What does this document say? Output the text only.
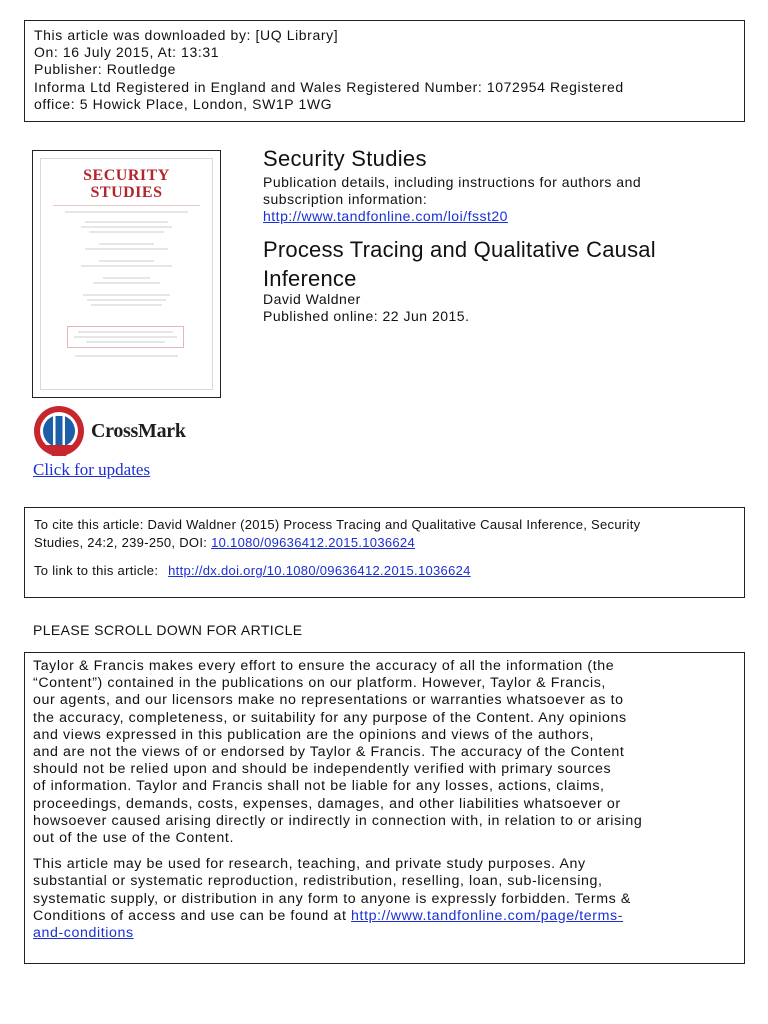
This article was downloaded by: [UQ Library]
On: 16 July 2015, At: 13:31
Publisher: Routledge
Informa Ltd Registered in England and Wales Registered Number: 1072954 Registered
office: 5 Howick Place, London, SW1P 1WG
SECURITY
STUDIES
Security Studies
Publication details, including instructions for authors and
subscription information:
http://www.tandfonline.com/loi/fsst20
Process Tracing and Qualitative Causal
Inference
David Waldner
Published online: 22 Jun 2015.
CrossMark
Click for updates
To cite this article: David Waldner (2015) Process Tracing and Qualitative Causal Inference, Security
Studies, 24:2, 239-250, DOI: 10.1080/09636412.2015.1036624
To link to this article: http://dx.doi.org/10.1080/09636412.2015.1036624
PLEASE SCROLL DOWN FOR ARTICLE

Taylor & Francis makes every effort to ensure the accuracy of all the information (the
“Content”) contained in the publications on our platform. However, Taylor & Francis,
our agents, and our licensors make no representations or warranties whatsoever as to
the accuracy, completeness, or suitability for any purpose of the Content. Any opinions
and views expressed in this publication are the opinions and views of the authors,
and are not the views of or endorsed by Taylor & Francis. The accuracy of the Content
should not be relied upon and should be independently verified with primary sources
of information. Taylor and Francis shall not be liable for any losses, actions, claims,
proceedings, demands, costs, expenses, damages, and other liabilities whatsoever or
howsoever caused arising directly or indirectly in connection with, in relation to or arising
out of the use of the Content.

This article may be used for research, teaching, and private study purposes. Any
substantial or systematic reproduction, redistribution, reselling, loan, sub-licensing,
systematic supply, or distribution in any form to anyone is expressly forbidden. Terms &
Conditions of access and use can be found at http://www.tandfonline.com/page/terms-
and-conditions
